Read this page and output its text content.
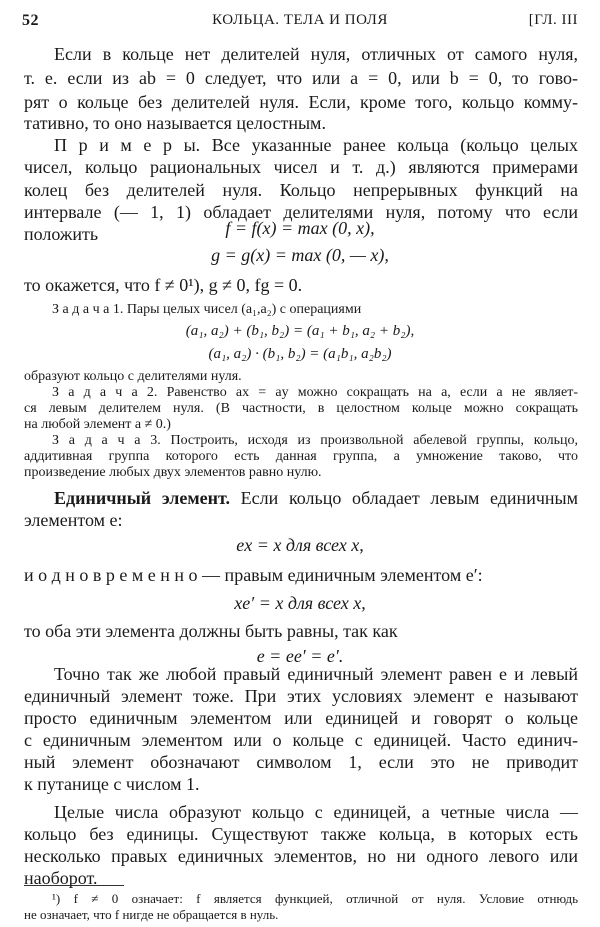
52	КОЛЬЦА. ТЕЛА И ПОЛЯ	[ГЛ. III
Если в кольце нет делителей нуля, отличных от самого нуля,
т. е. если из ab = 0 следует, что или a = 0, или b = 0, то гово-
рят о кольце без делителей нуля. Если, кроме того, кольцо комму-
тативно, то оно называется целостным.
П р и м е р ы. Все указанные ранее кольца (кольцо целых
чисел, кольцо рациональных чисел и т. д.) являются примерами
колец без делителей нуля. Кольцо непрерывных функций на
интервале (— 1, 1) обладает делителями нуля, потому что если
положить	f = f(x) = max (0, x),
g = g(x) = max (0, — x),
то окажется, что f ≠ 0¹), g ≠ 0, fg = 0.
З а д а ч а 1. Пары целых чисел (a₁,a₂) с операциями
(a₁, a₂) + (b₁, b₂) = (a₁ + b₁, a₂ + b₂),
(a₁, a₂) · (b₁, b₂) = (a₁b₁, a₂b₂)
образуют кольцо с делителями нуля.
З а д а ч а 2. Равенство ax = ay можно сокращать на a, если a не являет-
ся левым делителем нуля. (В частности, в целостном кольце можно сокращать
на любой элемент a ≠ 0.)
З а д а ч а 3. Построить, исходя из произвольной абелевой группы, кольцо,
аддитивная группа которого есть данная группа, а умножение таково, что
произведение любых двух элементов равно нулю.
Единичный элемент. Если кольцо обладает левым единичным
элементом e:
ex = x для всех x,
и о д н о в р е м е н н о — правым единичным элементом e′:
xe′ = x для всех x,
то оба эти элемента должны быть равны, так как
e = ee′ = e′.
Точно так же любой правый единичный элемент равен e и левый
единичный элемент тоже. При этих условиях элемент e называют
просто единичным элементом или единицей и говорят о кольце
с единичным элементом или о кольце с единицей. Часто единич-
ный элемент обозначают символом 1, если это не приводит
¹) f ≠ 0 означает: f является функцией, отличной от нуля. Условие отнюдь
не означает, что f нигде не обращается в нуль.
к путанице с числом 1.
Целые числа образуют кольцо с единицей, а четные числа —
кольцо без единицы. Существуют также кольца, в которых есть
несколько правых единичных элементов, но ни одного левого или
наоборот.
